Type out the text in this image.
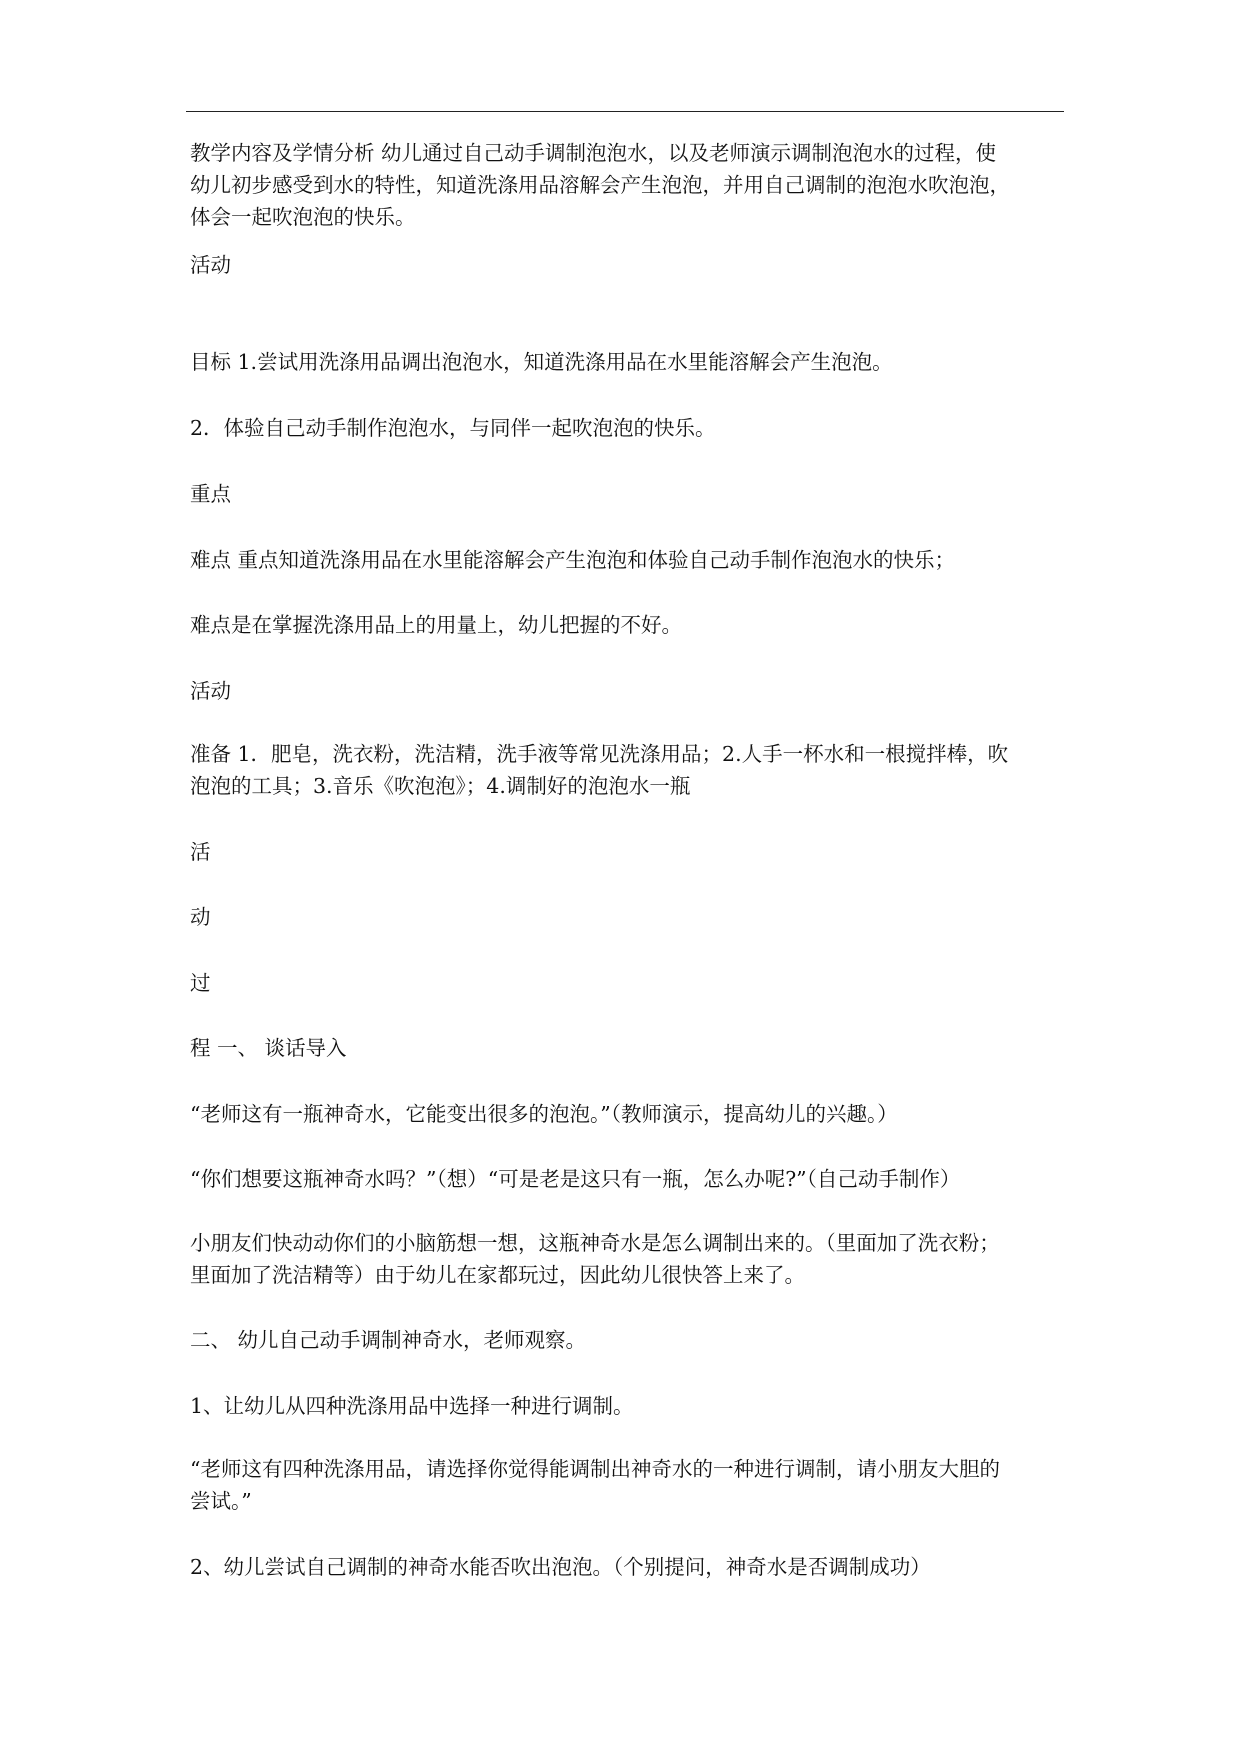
教学内容及学情分析 幼儿通过自己动手调制泡泡水，以及老师演示调制泡泡水的过程，使
幼儿初步感受到水的特性，知道洗涤用品溶解会产生泡泡，并用自己调制的泡泡水吹泡泡，
体会一起吹泡泡的快乐。

活动

目标 1.尝试用洗涤用品调出泡泡水，知道洗涤用品在水里能溶解会产生泡泡。

2．体验自己动手制作泡泡水，与同伴一起吹泡泡的快乐。

重点

难点 重点知道洗涤用品在水里能溶解会产生泡泡和体验自己动手制作泡泡水的快乐；

难点是在掌握洗涤用品上的用量上，幼儿把握的不好。

活动

准备 1．肥皂，洗衣粉，洗洁精，洗手液等常见洗涤用品；2.人手一杯水和一根搅拌棒，吹
泡泡的工具；3.音乐《吹泡泡》；4.调制好的泡泡水一瓶

活

动

过

程 一、 谈话导入

“老师这有一瓶神奇水，它能变出很多的泡泡。”（教师演示，提高幼儿的兴趣。）

“你们想要这瓶神奇水吗？”（想）“可是老是这只有一瓶，怎么办呢?”（自己动手制作）

小朋友们快动动你们的小脑筋想一想，这瓶神奇水是怎么调制出来的。（里面加了洗衣粉；
里面加了洗洁精等）由于幼儿在家都玩过，因此幼儿很快答上来了。

二、 幼儿自己动手调制神奇水，老师观察。

1、让幼儿从四种洗涤用品中选择一种进行调制。

“老师这有四种洗涤用品，请选择你觉得能调制出神奇水的一种进行调制，请小朋友大胆的
尝试。”

2、幼儿尝试自己调制的神奇水能否吹出泡泡。（个别提问，神奇水是否调制成功）
